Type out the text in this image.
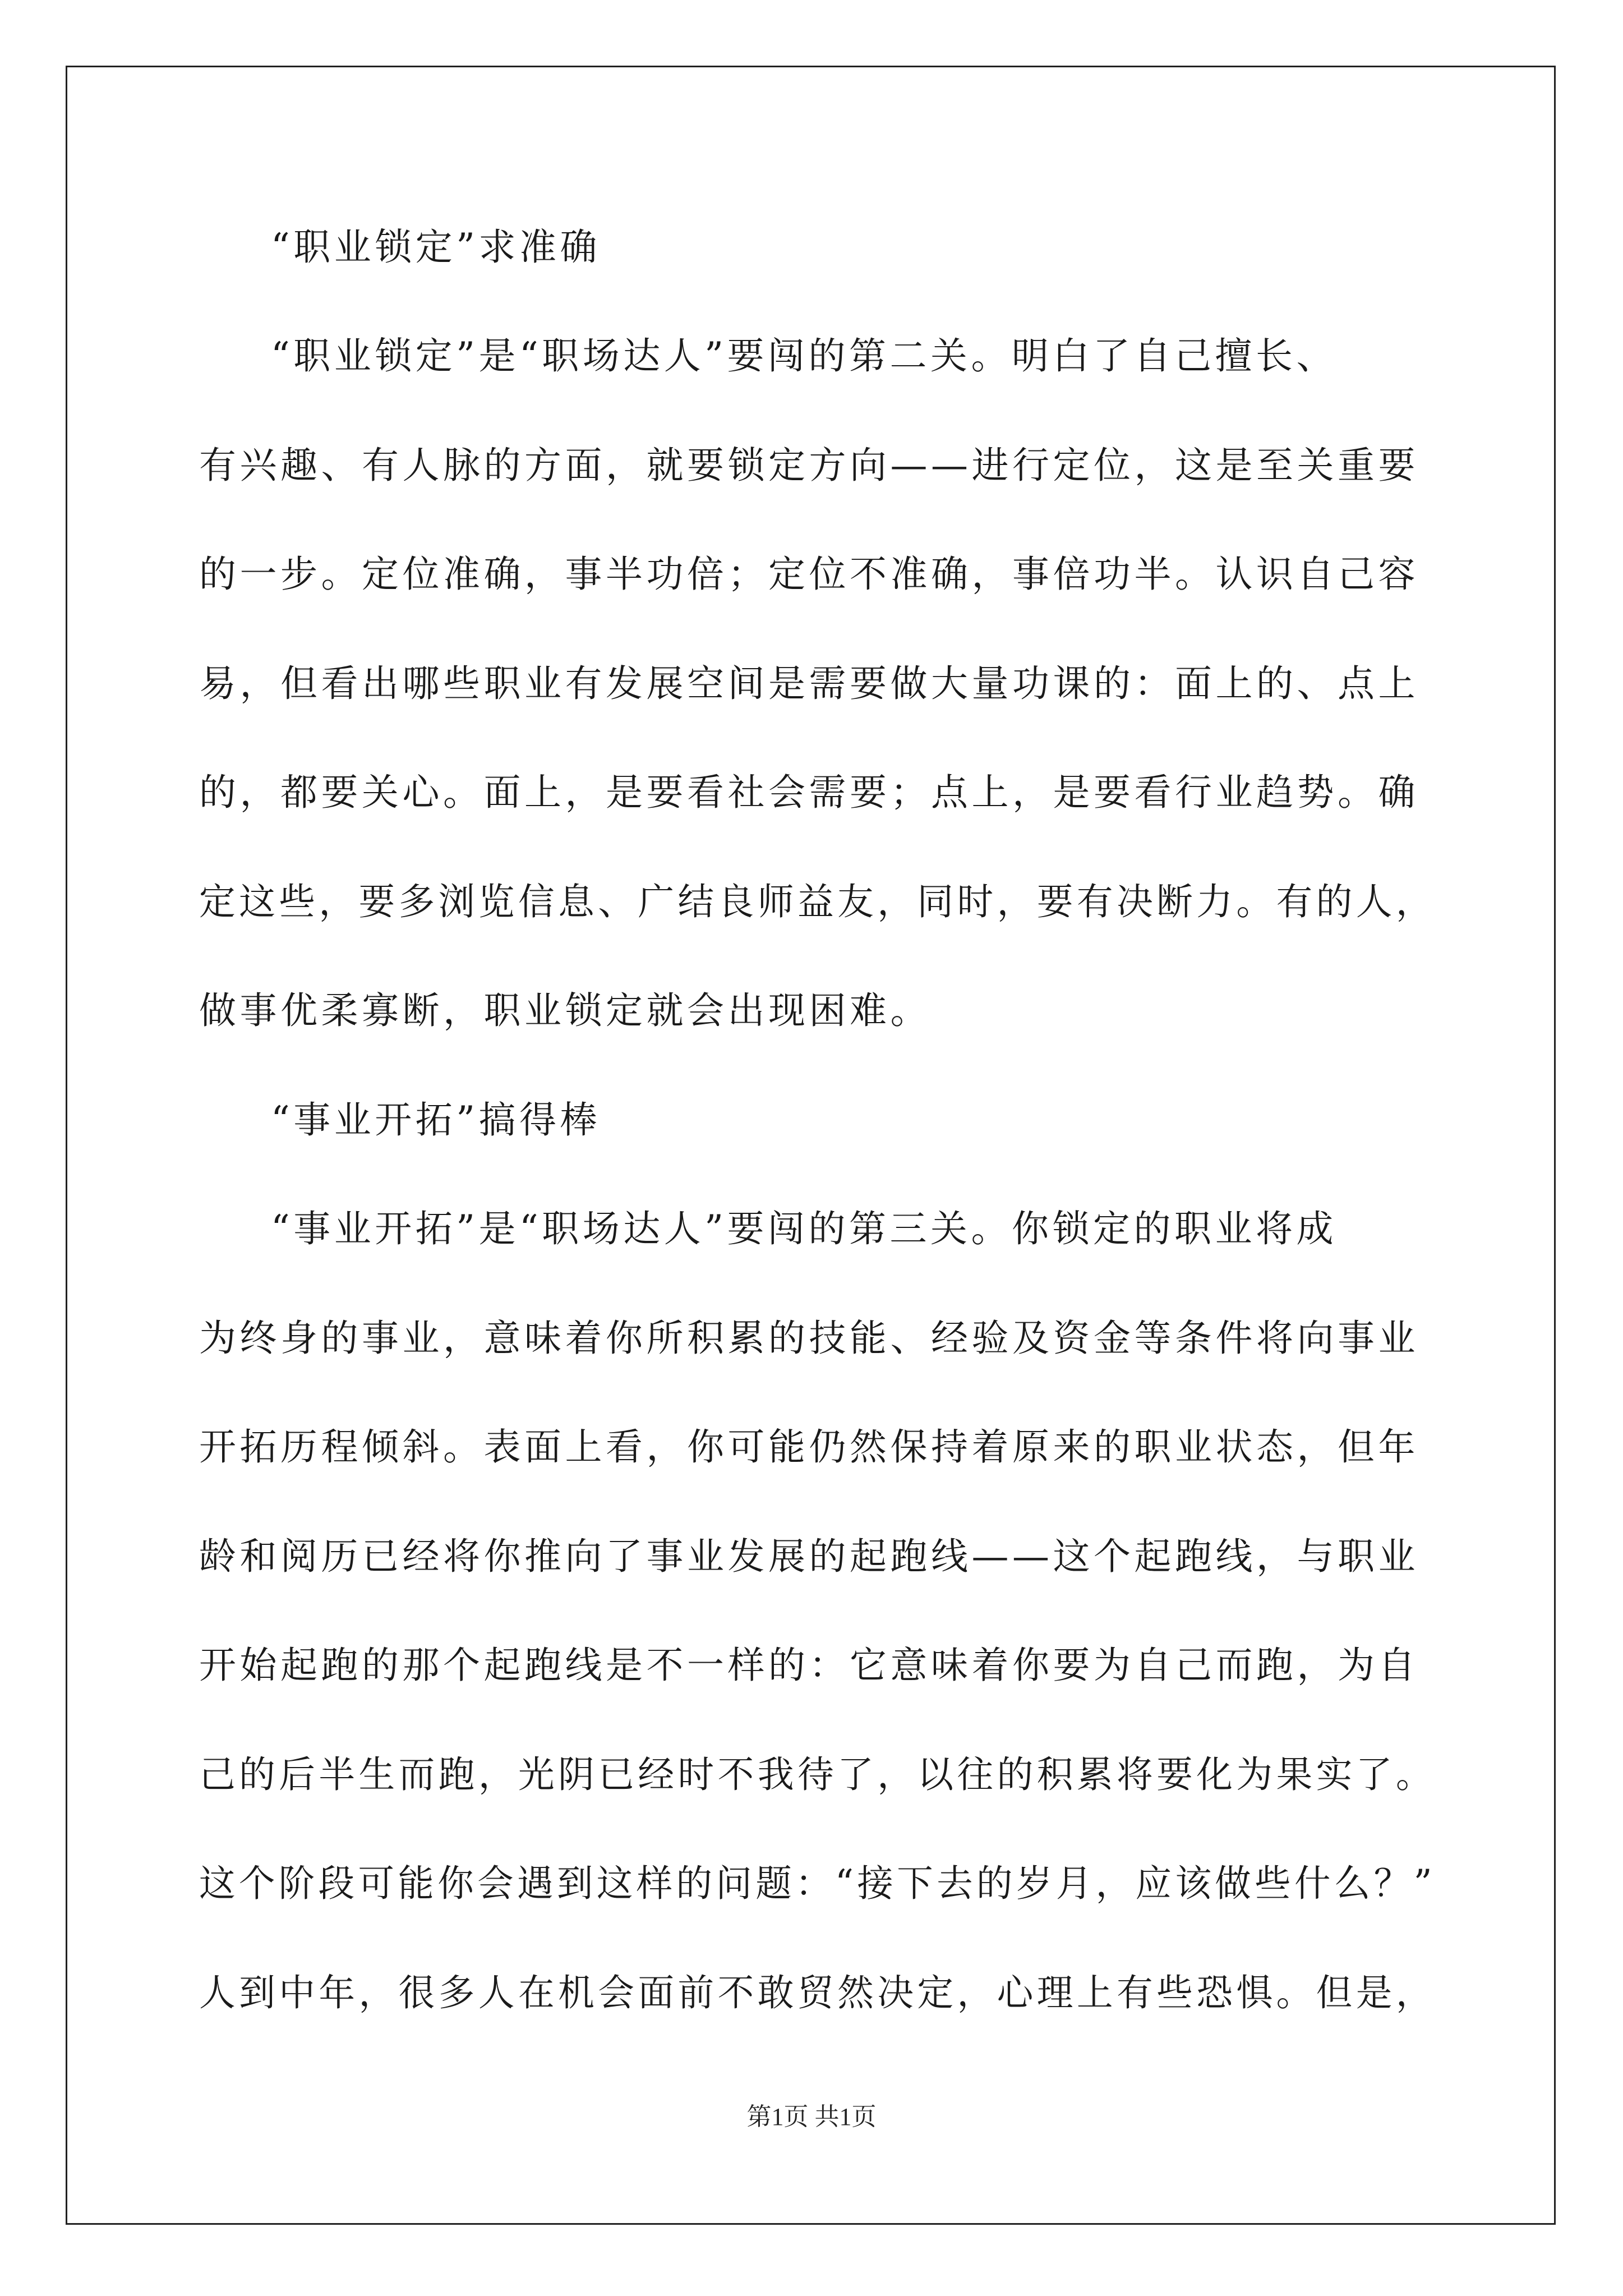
“职业锁定”求准确
“职业锁定”是“职场达人”要闯的第二关。明白了自己擅长、
有兴趣、有人脉的方面，就要锁定方向——进行定位，这是至关重要
的一步。定位准确，事半功倍；定位不准确，事倍功半。认识自己容
易，但看出哪些职业有发展空间是需要做大量功课的：面上的、点上
的，都要关心。面上，是要看社会需要；点上，是要看行业趋势。确
定这些，要多浏览信息、广结良师益友，同时，要有决断力。有的人，
做事优柔寡断，职业锁定就会出现困难。
“事业开拓”搞得棒
“事业开拓”是“职场达人”要闯的第三关。你锁定的职业将成
为终身的事业，意味着你所积累的技能、经验及资金等条件将向事业
开拓历程倾斜。表面上看，你可能仍然保持着原来的职业状态，但年
龄和阅历已经将你推向了事业发展的起跑线——这个起跑线，与职业
开始起跑的那个起跑线是不一样的：它意味着你要为自己而跑，为自
己的后半生而跑，光阴已经时不我待了，以往的积累将要化为果实了。
这个阶段可能你会遇到这样的问题：“接下去的岁月，应该做些什么？”
人到中年，很多人在机会面前不敢贸然决定，心理上有些恐惧。但是，
第1页 共1页
